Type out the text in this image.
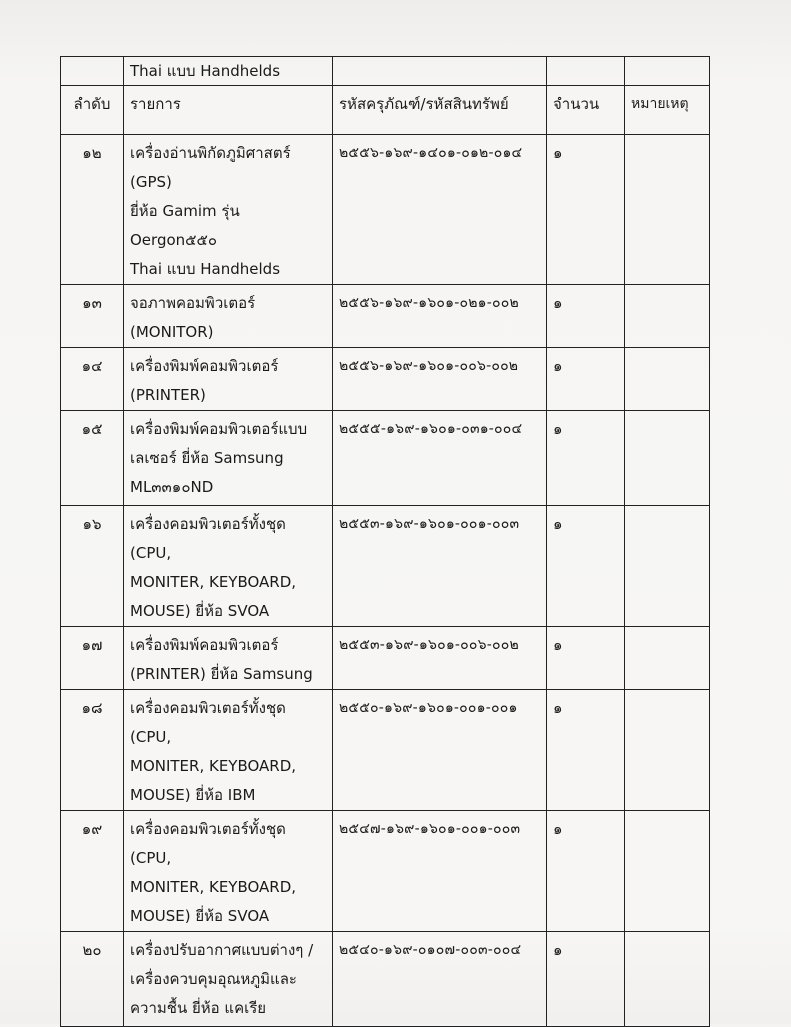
	Thai แบบ Handhelds			
ลำดับ	รายการ	รหัสครุภัณฑ์/รหัสสินทรัพย์	จำนวน	หมายเหตุ
๑๒	เครื่องอ่านพิกัดภูมิศาสตร์ (GPS)
ยี่ห้อ Gamim รุ่น Oergon๕๕๐
Thai แบบ Handhelds	๒๕๕๖-๑๖๙-๑๔๐๑-๐๑๒-๐๑๔	๑	
๑๓	จอภาพคอมพิวเตอร์
(MONITOR)	๒๕๕๖-๑๖๙-๑๖๐๑-๐๒๑-๐๐๒	๑	
๑๔	เครื่องพิมพ์คอมพิวเตอร์
(PRINTER)	๒๕๕๖-๑๖๙-๑๖๐๑-๐๐๖-๐๐๒	๑	
๑๕	เครื่องพิมพ์คอมพิวเตอร์แบบ
เลเซอร์ ยี่ห้อ Samsung
ML๓๓๑๐ND	๒๕๕๕-๑๖๙-๑๖๐๑-๐๓๑-๐๐๔	๑	
๑๖	เครื่องคอมพิวเตอร์ทั้งชุด (CPU,
MONITER, KEYBOARD,
MOUSE) ยี่ห้อ SVOA	๒๕๕๓-๑๖๙-๑๖๐๑-๐๐๑-๐๐๓	๑	
๑๗	เครื่องพิมพ์คอมพิวเตอร์
(PRINTER) ยี่ห้อ Samsung	๒๕๕๓-๑๖๙-๑๖๐๑-๐๐๖-๐๐๒	๑	
๑๘	เครื่องคอมพิวเตอร์ทั้งชุด (CPU,
MONITER, KEYBOARD,
MOUSE) ยี่ห้อ IBM	๒๕๕๐-๑๖๙-๑๖๐๑-๐๐๑-๐๐๑	๑	
๑๙	เครื่องคอมพิวเตอร์ทั้งชุด (CPU,
MONITER, KEYBOARD,
MOUSE) ยี่ห้อ SVOA	๒๕๔๗-๑๖๙-๑๖๐๑-๐๐๑-๐๐๓	๑	
๒๐	เครื่องปรับอากาศแบบต่างๆ /
เครื่องควบคุมอุณหภูมิและ
ความชื้น ยี่ห้อ แคเรีย	๒๕๔๐-๑๖๙-๐๑๐๗-๐๐๓-๐๐๔	๑	
